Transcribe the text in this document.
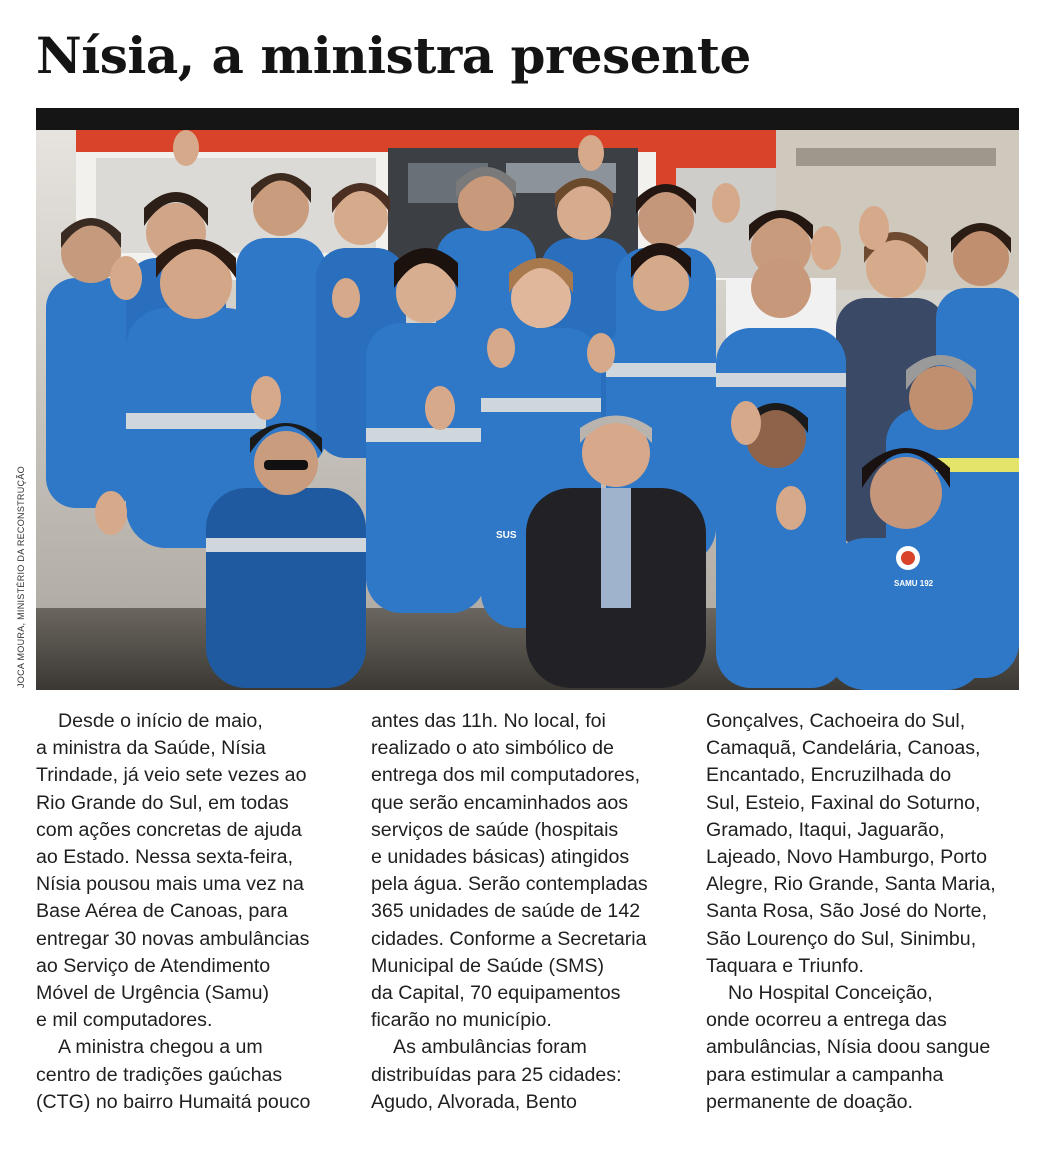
Nísia, a ministra presente
SUS
SAMU 192
JOCA MOURA, MINISTÉRIO DA RECONSTRUÇÃO

Desde o início de maio,
a ministra da Saúde, Nísia
Trindade, já veio sete vezes ao
Rio Grande do Sul, em todas
com ações concretas de ajuda
ao Estado. Nessa sexta-feira,
Nísia pousou mais uma vez na
Base Aérea de Canoas, para
entregar 30 novas ambulâncias
ao Serviço de Atendimento
Móvel de Urgência (Samu)
e mil computadores.

A ministra chegou a um
centro de tradições gaúchas
(CTG) no bairro Humaitá pouco

antes das 11h. No local, foi
realizado o ato simbólico de
entrega dos mil computadores,
que serão encaminhados aos
serviços de saúde (hospitais
e unidades básicas) atingidos
pela água. Serão contempladas
365 unidades de saúde de 142
cidades. Conforme a Secretaria
Municipal de Saúde (SMS)
da Capital, 70 equipamentos
ficarão no município.

As ambulâncias foram
distribuídas para 25 cidades:
Agudo, Alvorada, Bento

Gonçalves, Cachoeira do Sul,
Camaquã, Candelária, Canoas,
Encantado, Encruzilhada do
Sul, Esteio, Faxinal do Soturno,
Gramado, Itaqui, Jaguarão,
Lajeado, Novo Hamburgo, Porto
Alegre, Rio Grande, Santa Maria,
Santa Rosa, São José do Norte,
São Lourenço do Sul, Sinimbu,
Taquara e Triunfo.

No Hospital Conceição,
onde ocorreu a entrega das
ambulâncias, Nísia doou sangue
para estimular a campanha
permanente de doação.
